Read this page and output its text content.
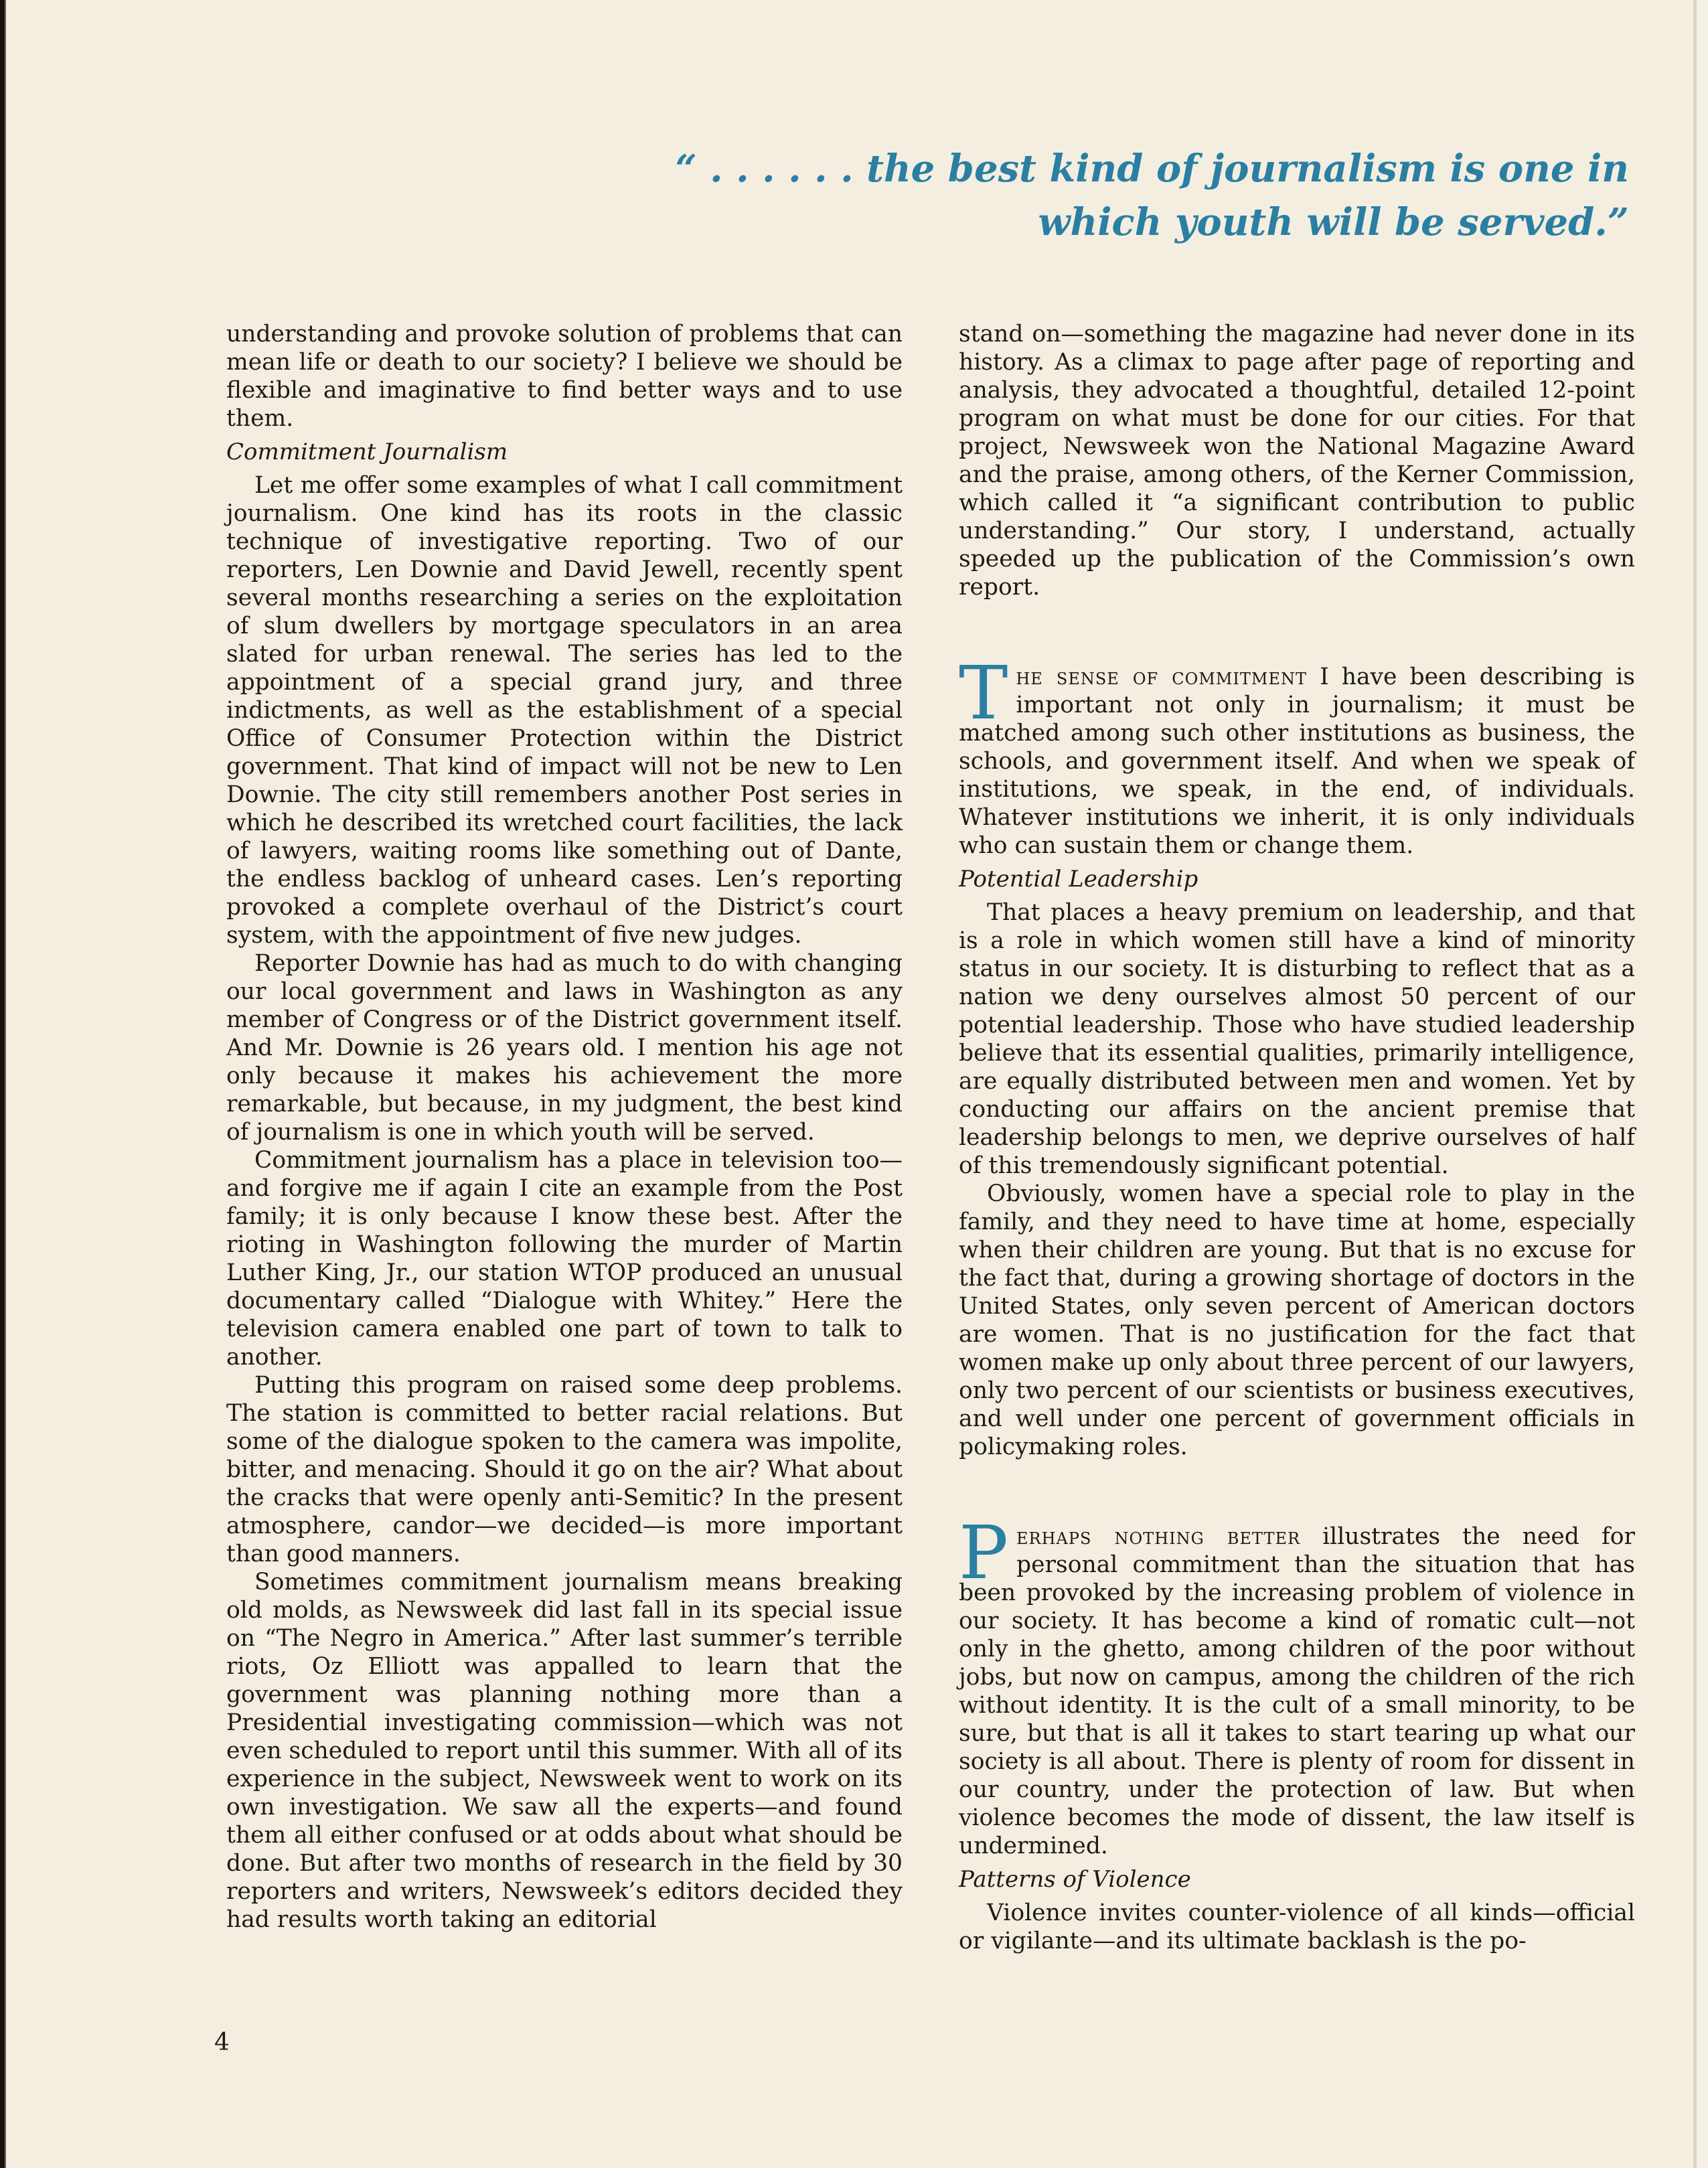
“ . . . . . . the best kind of journalism is one in
which youth will be served.”

understanding and provoke solution of problems that can mean life or death to our society? I believe we should be flexible and imaginative to find better ways and to use them.

Commitment Journalism

Let me offer some examples of what I call commitment journalism. One kind has its roots in the classic technique of investigative reporting. Two of our reporters, Len Downie and David Jewell, recently spent several months researching a series on the exploitation of slum dwellers by mortgage speculators in an area slated for urban renewal. The series has led to the appointment of a special grand jury, and three indictments, as well as the establishment of a special Office of Consumer Protection within the District government. That kind of impact will not be new to Len Downie. The city still remembers another Post series in which he described its wretched court facilities, the lack of lawyers, waiting rooms like something out of Dante, the endless backlog of unheard cases. Len’s reporting provoked a complete overhaul of the District’s court system, with the appointment of five new judges.

Reporter Downie has had as much to do with changing our local government and laws in Washington as any member of Congress or of the District government itself. And Mr. Downie is 26 years old. I mention his age not only because it makes his achievement the more remarkable, but because, in my judgment, the best kind of journalism is one in which youth will be served.

Commitment journalism has a place in television too—and forgive me if again I cite an example from the Post family; it is only because I know these best. After the rioting in Washington following the murder of Martin Luther King, Jr., our station WTOP produced an unusual documentary called “Dialogue with Whitey.” Here the television camera enabled one part of town to talk to another.

Putting this program on raised some deep problems. The station is committed to better racial relations. But some of the dialogue spoken to the camera was impolite, bitter, and menacing. Should it go on the air? What about the cracks that were openly anti-Semitic? In the present atmosphere, candor—we decided—is more important than good manners.

Sometimes commitment journalism means breaking old molds, as Newsweek did last fall in its special issue on “The Negro in America.” After last summer’s terrible riots, Oz Elliott was appalled to learn that the government was planning nothing more than a Presidential investigating commission—which was not even scheduled to report until this summer. With all of its experience in the subject, Newsweek went to work on its own investigation. We saw all the experts—and found them all either confused or at odds about what should be done. But after two months of research in the field by 30 reporters and writers, Newsweek’s editors decided they had results worth taking an editorial

stand on—something the magazine had never done in its history. As a climax to page after page of reporting and analysis, they advocated a thoughtful, detailed 12-point program on what must be done for our cities. For that project, Newsweek won the National Magazine Award and the praise, among others, of the Kerner Commission, which called it “a significant contribution to public understanding.” Our story, I understand, actually speeded up the publication of the Commission’s own report.

The sense of commitment I have been describing is important not only in journalism; it must be matched among such other institutions as business, the schools, and government itself. And when we speak of institutions, we speak, in the end, of individuals. Whatever institutions we inherit, it is only individuals who can sustain them or change them.

Potential Leadership

That places a heavy premium on leadership, and that is a role in which women still have a kind of minority status in our society. It is disturbing to reflect that as a nation we deny ourselves almost 50 percent of our potential leadership. Those who have studied leadership believe that its essential qualities, primarily intelligence, are equally distributed between men and women. Yet by conducting our affairs on the ancient premise that leadership belongs to men, we deprive ourselves of half of this tremendously significant potential.

Obviously, women have a special role to play in the family, and they need to have time at home, especially when their children are young. But that is no excuse for the fact that, during a growing shortage of doctors in the United States, only seven percent of American doctors are women. That is no justification for the fact that women make up only about three percent of our lawyers, only two percent of our scientists or business executives, and well under one percent of government officials in policymaking roles.

Perhaps nothing better illustrates the need for personal commitment than the situation that has been provoked by the increasing problem of violence in our society. It has become a kind of romatic cult—not only in the ghetto, among children of the poor without jobs, but now on campus, among the children of the rich without identity. It is the cult of a small minority, to be sure, but that is all it takes to start tearing up what our society is all about. There is plenty of room for dissent in our country, under the protection of law. But when violence becomes the mode of dissent, the law itself is undermined.

Patterns of Violence

Violence invites counter-violence of all kinds—official or vigilante—and its ultimate backlash is the po-

4
